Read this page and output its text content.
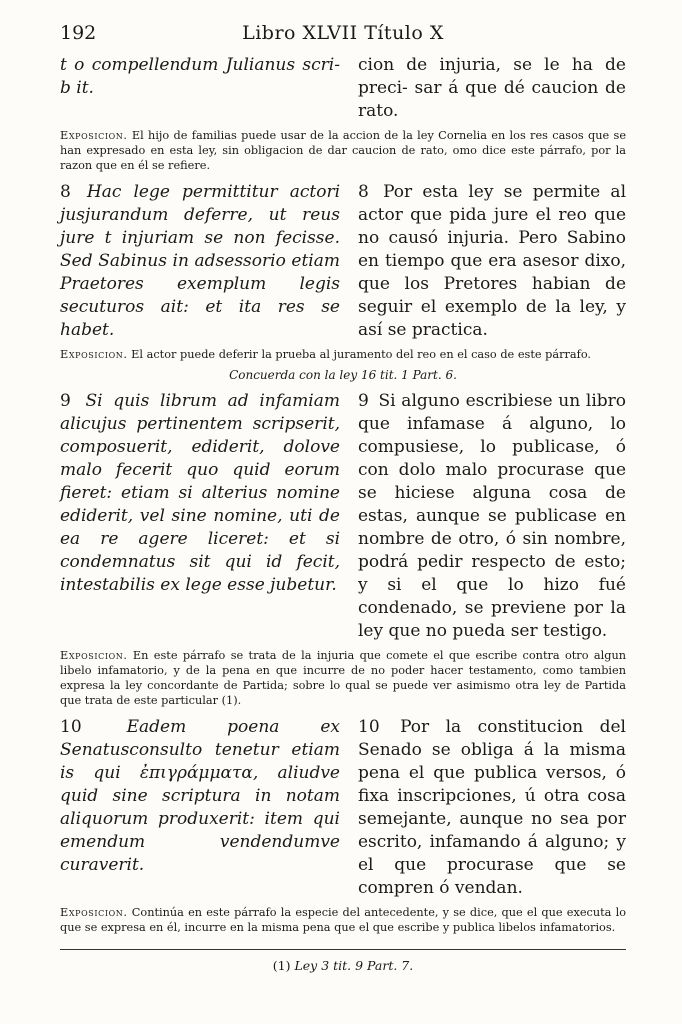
192	Libro XLVII Título X
t o compellendum Julianus scri- b it.
cion de injuria, se le ha de preci- sar á que dé caucion de rato.
Exposicion. El hijo de familias puede usar de la accion de la ley Cornelia en los res casos que se han expresado en esta ley, sin obligacion de dar caucion de rato, omo dice este párrafo, por la razon que en él se refiere.
8 Hac lege permittitur actori jusjurandum deferre, ut reus jure t injuriam se non fecisse. Sed Sabinus in adsessorio etiam Praetores exemplum legis secuturos ait: et ita res se habet.
8 Por esta ley se permite al actor que pida jure el reo que no causó injuria. Pero Sabino en tiempo que era asesor dixo, que los Pretores habian de seguir el exemplo de la ley, y así se practica.
Exposicion. El actor puede deferir la prueba al juramento del reo en el caso de este párrafo.
Concuerda con la ley 16 tit. 1 Part. 6.
9 Si quis librum ad infamiam alicujus pertinentem scripserit, composuerit, ediderit, dolove malo fecerit quo quid eorum fieret: etiam si alterius nomine ediderit, vel sine nomine, uti de ea re agere liceret: et si condemnatus sit qui id fecit, intestabilis ex lege esse jubetur.
9 Si alguno escribiese un libro que infamase á alguno, lo compusiese, lo publicase, ó con dolo malo procurase que se hiciese alguna cosa de estas, aunque se publicase en nombre de otro, ó sin nombre, podrá pedir respecto de esto; y si el que lo hizo fué condenado, se previene por la ley que no pueda ser testigo.
Exposicion. En este párrafo se trata de la injuria que comete el que escribe contra otro algun libelo infamatorio, y de la pena en que incurre de no poder hacer testamento, como tambien expresa la ley concordante de Partida; sobre lo qual se puede ver asimismo otra ley de Partida que trata de este particular (1).
10	Eadem poena ex Senatusconsulto tenetur etiam is qui ἐπιγράμματα, aliudve quid sine scriptura in notam aliquorum produxerit: item qui emendum vendendumve curaverit.
10 Por la constitucion del Senado se obliga á la misma pena el que publica versos, ó fixa inscripciones, ú otra cosa semejante, aunque no sea por escrito, infamando á alguno; y el que procurase que se compren ó vendan.
Exposicion. Continúa en este párrafo la especie del antecedente, y se dice, que el que executa lo que se expresa en él, incurre en la misma pena que el que escribe y publica libelos infamatorios.
(1) Ley 3 tit. 9 Part. 7.
